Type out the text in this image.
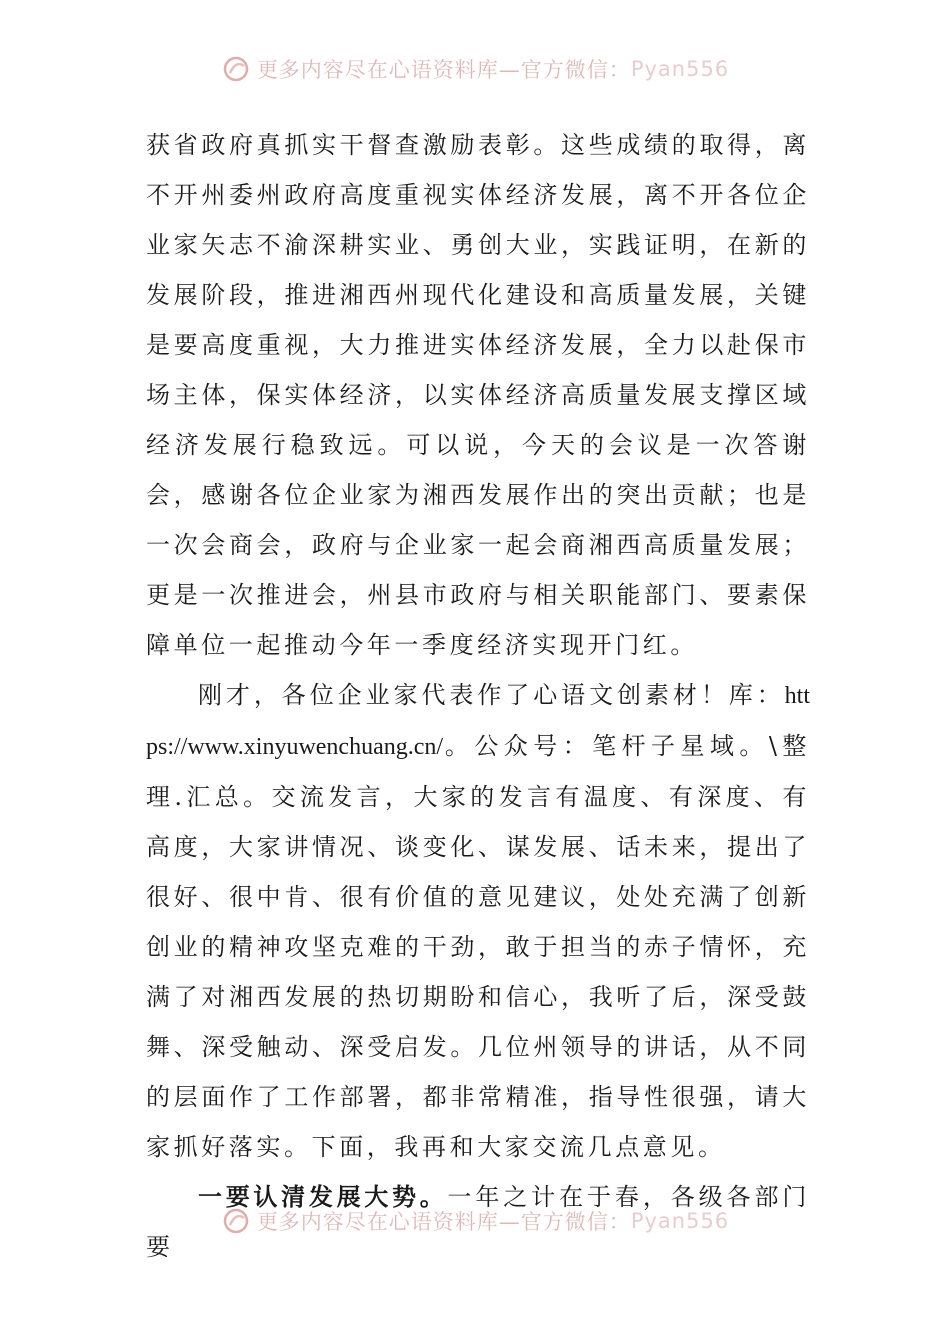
更多内容尽在心语资料库—官方微信： Pyan556

获省政府真抓实干督查激励表彰。这些成绩的取得，离不开州委州政府高度重视实体经济发展，离不开各位企业家矢志不渝深耕实业、勇创大业，实践证明，在新的发展阶段，推进湘西州现代化建设和高质量发展，关键是要高度重视，大力推进实体经济发展，全力以赴保市场主体，保实体经济，以实体经济高质量发展支撑区域经济发展行稳致远。可以说，今天的会议是一次答谢会，感谢各位企业家为湘西发展作出的突出贡献；也是一次会商会，政府与企业家一起会商湘西高质量发展；更是一次推进会，州县市政府与相关职能部门、要素保障单位一起推动今年一季度经济实现开门红。

刚才，各位企业家代表作了心语文创素材！库：https://www.xinyuwenchuang.cn/。公众号：笔杆子星域。\整理.汇总。交流发言，大家的发言有温度、有深度、有高度，大家讲情况、谈变化、谋发展、话未来，提出了很好、很中肯、很有价值的意见建议，处处充满了创新创业的精神攻坚克难的干劲，敢于担当的赤子情怀，充满了对湘西发展的热切期盼和信心，我听了后，深受鼓舞、深受触动、深受启发。几位州领导的讲话，从不同的层面作了工作部署，都非常精准，指导性很强，请大家抓好落实。下面，我再和大家交流几点意见。

一要认清发展大势。一年之计在于春，各级各部门要

更多内容尽在心语资料库—官方微信： Pyan556
